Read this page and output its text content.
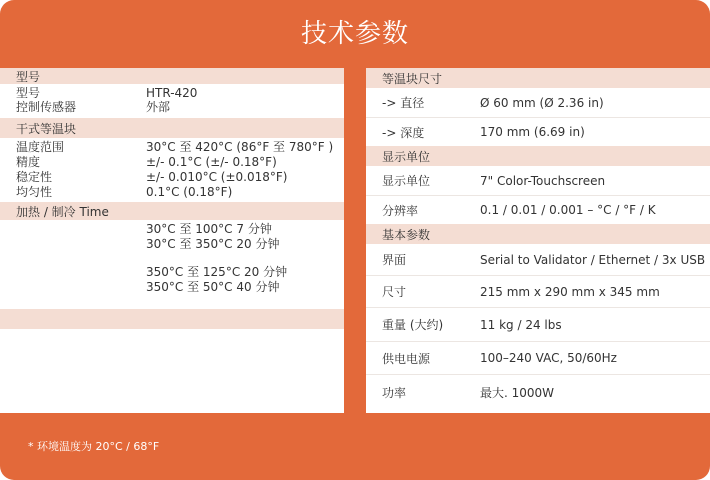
技术参数
型号
型号	HTR-420
控制传感器	外部
干式等温块
温度范围	30°C 至 420°C (86°F 至 780°F )
精度	±/- 0.1°C (±/- 0.18°F)
稳定性	±/- 0.010°C (±0.018°F)
均匀性	0.1°C (0.18°F)
加热 / 制冷 Time
30°C 至 100°C 7 分钟
30°C 至 350°C 20 分钟
350°C 至 125°C 20 分钟
350°C 至 50°C 40 分钟
等温块尺寸
-> 直径	Ø 60 mm (Ø 2.36 in)
-> 深度	170 mm (6.69 in)
显示单位
显示单位	7" Color-Touchscreen
分辨率	0.1 / 0.01 / 0.001 – °C / °F / K
基本参数
界面	Serial to Validator / Ethernet / 3x USB
尺寸	215 mm x 290 mm x 345 mm
重量 (大约)	11 kg / 24 lbs
供电电源	100–240 VAC, 50/60Hz
功率	最大. 1000W
* 环境温度为 20°C / 68°F
